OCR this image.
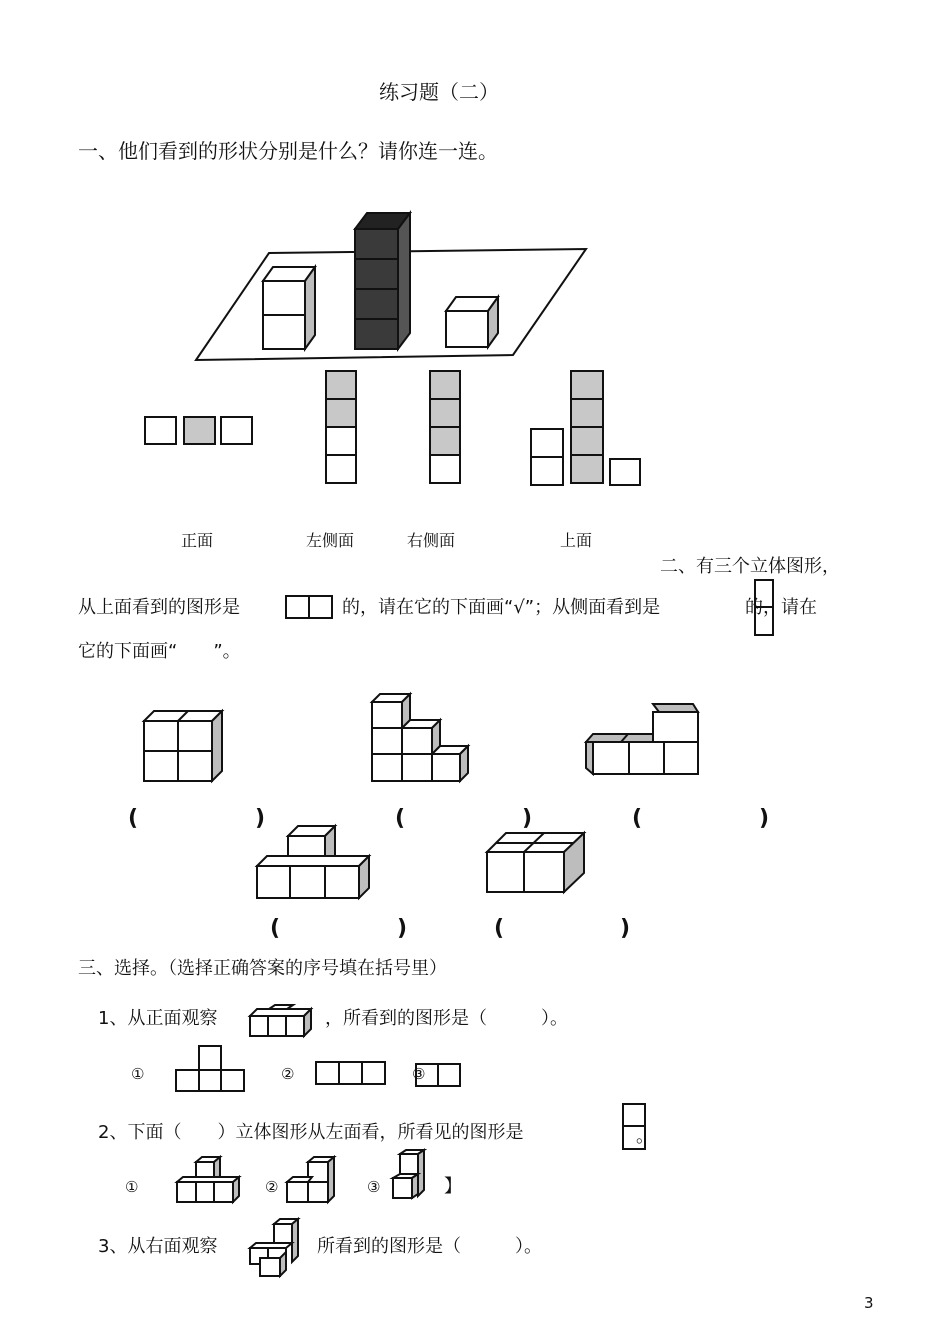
练习题（二）
一、他们看到的形状分别是什么？请你连一连。
正面	左侧面	右侧面	上面
二、有三个立体图形，
从上面看到的图形是	的，请在它的下面画“√”；从侧面看到是	的，请在
它的下面画“　　”。
(	)	(	)	(	)
(	)	(	)
三、选择。（选择正确答案的序号填在括号里）
1、从正面观察	，所看到的图形是（　　　）。
①	②	③
2、下面（　　）立体图形从左面看，所看见的图形是	。
①	②	③	】
3、从右面观察	所看到的图形是（　　　）。
3
